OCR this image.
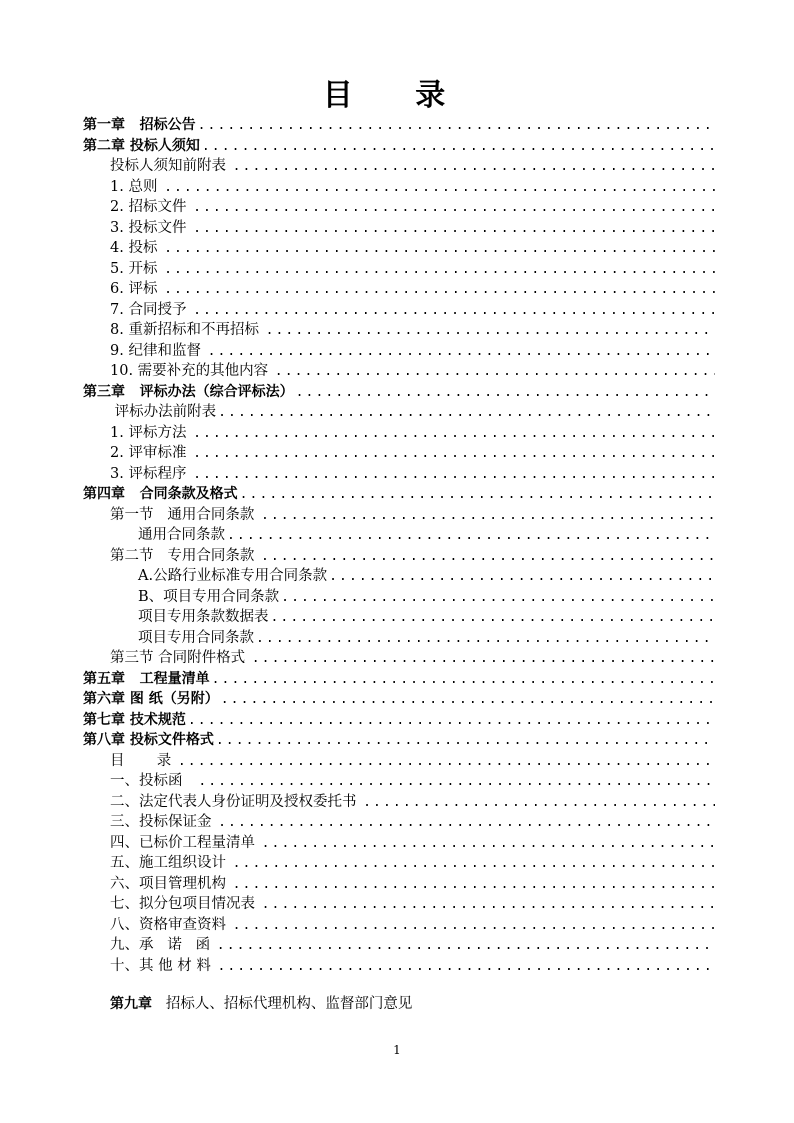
目 录
第一章   招标公告
.....
第二章 投标人须知
.....
投标人须知前附表
.....
1. 总则
.....
2. 招标文件
.....
3. 投标文件
.....
4. 投标
.....
5. 开标
.....
6. 评标
.....
7. 合同授予
.....
8. 重新招标和不再招标
.....
9. 纪律和监督
.....
10. 需要补充的其他内容
.....
第三章   评标办法（综合评标法）
.....
评标办法前附表
.....
1. 评标方法
.....
2. 评审标准
.....
3. 评标程序
.....
第四章   合同条款及格式
.....
第一节   通用合同条款
.....
通用合同条款
.....
第二节   专用合同条款
.....
A.公路行业标准专用合同条款
.....
B、项目专用合同条款
.....
项目专用条款数据表
.....
项目专用合同条款
.....
第三节 合同附件格式
.....
第五章   工程量清单
.....
第六章 图 纸（另附）
.....
第七章 技术规范
.....
第八章 投标文件格式
.....
目       录
.....
一、投标函
.....
二、法定代表人身份证明及授权委托书
.....
三、投标保证金
.....
四、已标价工程量清单
.....
五、施工组织设计
.....
六、项目管理机构
.....
七、拟分包项目情况表
.....
八、资格审查资料
.....
九、承   诺   函
.....
十、其 他 材 料
.....
第九章   招标人、招标代理机构、监督部门意见
1
